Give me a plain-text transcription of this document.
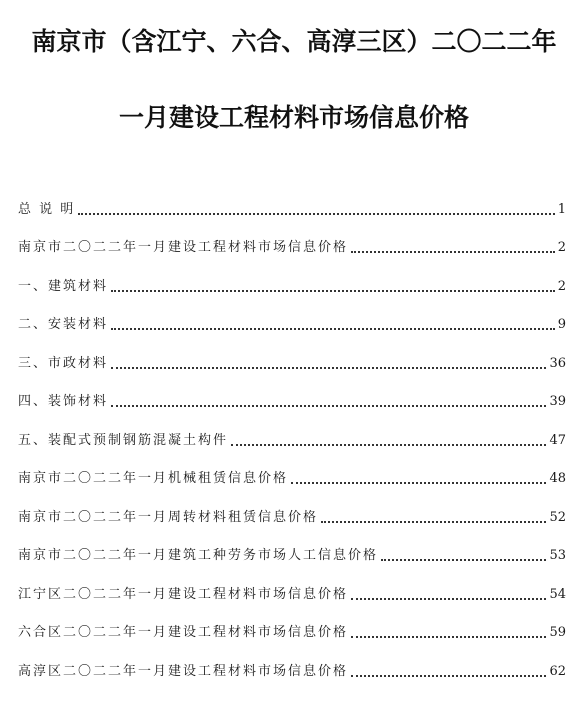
南京市（含江宁、六合、高淳三区）二〇二二年
一月建设工程材料市场信息价格
总 说 明	1
南京市二〇二二年一月建设工程材料市场信息价格	2
一、建筑材料	2
二、安装材料	9
三、市政材料	36
四、装饰材料	39
五、装配式预制钢筋混凝土构件	47
南京市二〇二二年一月机械租赁信息价格	48
南京市二〇二二年一月周转材料租赁信息价格	52
南京市二〇二二年一月建筑工种劳务市场人工信息价格	53
江宁区二〇二二年一月建设工程材料市场信息价格	54
六合区二〇二二年一月建设工程材料市场信息价格	59
高淳区二〇二二年一月建设工程材料市场信息价格	62
